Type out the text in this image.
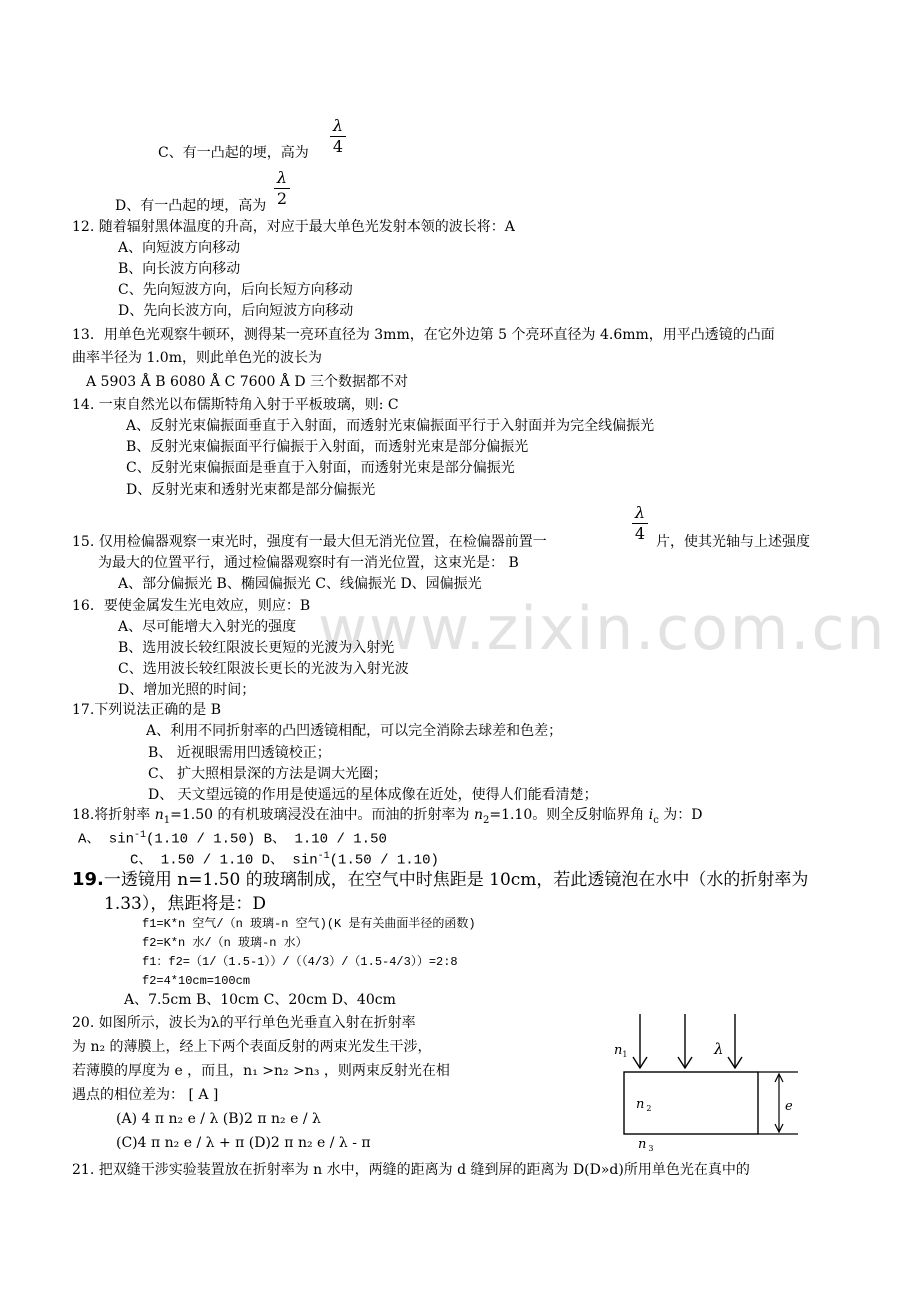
www.zixin.com.cn
C、有一凸起的埂，高为
λ
4
D、有一凸起的埂，高为
λ
2
12. 随着辐射黑体温度的升高，对应于最大单色光发射本领的波长将：A
A、向短波方向移动
B、向长波方向移动
C、先向短波方向，后向长短方向移动
D、先向长波方向，后向短波方向移动
13．用单色光观察牛顿环，测得某一亮环直径为 3mm，在它外边第 5 个亮环直径为 4.6mm，用平凸透镜的凸面
曲率半径为 1.0m，则此单色光的波长为
A 5903 Å B 6080 Å C 7600 Å D 三个数据都不对
14. 一束自然光以布儒斯特角入射于平板玻璃，则: C
A、反射光束偏振面垂直于入射面，而透射光束偏振面平行于入射面并为完全线偏振光
B、反射光束偏振面平行偏振于入射面，而透射光束是部分偏振光
C、反射光束偏振面是垂直于入射面，而透射光束是部分偏振光
D、反射光束和透射光束都是部分偏振光
15. 仅用检偏器观察一束光时，强度有一最大但无消光位置，在检偏器前置一
λ
4 片，使其光轴与上述强度
为最大的位置平行，通过检偏器观察时有一消光位置，这束光是： B
A、部分偏振光 B、椭园偏振光 C、线偏振光 D、园偏振光
16．要使金属发生光电效应，则应：B
A、尽可能增大入射光的强度
B、选用波长较红限波长更短的光波为入射光
C、选用波长较红限波长更长的光波为入射光波
D、增加光照的时间；
17.下列说法正确的是 B
A、利用不同折射率的凸凹透镜相配，可以完全消除去球差和色差；
B、 近视眼需用凹透镜校正；
C、 扩大照相景深的方法是调大光圈；
D、 天文望远镜的作用是使遥远的星体成像在近处，使得人们能看清楚；
18.将折射率 $n_1=1.50$ 的有机玻璃浸没在油中。而油的折射率为 $n_2=1.10$。则全反射临界角 $i_c$ 为：D
A、 $\sin^{-1}(1.10 / 1.50)$ B、 1.10 / 1.50
C、 1.50 / 1.10 D、 $\sin^{-1}(1.50 / 1.10)$
19.一透镜用 n=1.50 的玻璃制成，在空气中时焦距是 10cm，若此透镜泡在水中（水的折射率为
1.33），焦距将是：D
f1=K*n 空气/（n 玻璃-n 空气)(K 是有关曲面半径的函数)
f2=K*n 水/（n 玻璃-n 水）
f1：f2=（1/（1.5-1））/（（4/3）/（1.5-4/3））=2:8
f2=4*10cm=100cm
A、7.5cm B、10cm C、20cm D、40cm
20. 如图所示，波长为λ的平行单色光垂直入射在折射率
为 n₂ 的薄膜上，经上下两个表面反射的两束光发生干涉，
若薄膜的厚度为 e ，而且，n₁ >n₂ >n₃ ，则两束反射光在相
遇点的相位差为： [ A ]
(A) 4 π n₂ e / λ (B)2 π n₂ e / λ
(C)4 π n₂ e / λ + π (D)2 π n₂ e / λ - π
$n_1$	λ
n $_2$	e
n $_3$
21. 把双缝干涉实验装置放在折射率为 n 水中，两缝的距离为 d 缝到屏的距离为 D(D»d)所用单色光在真中的
